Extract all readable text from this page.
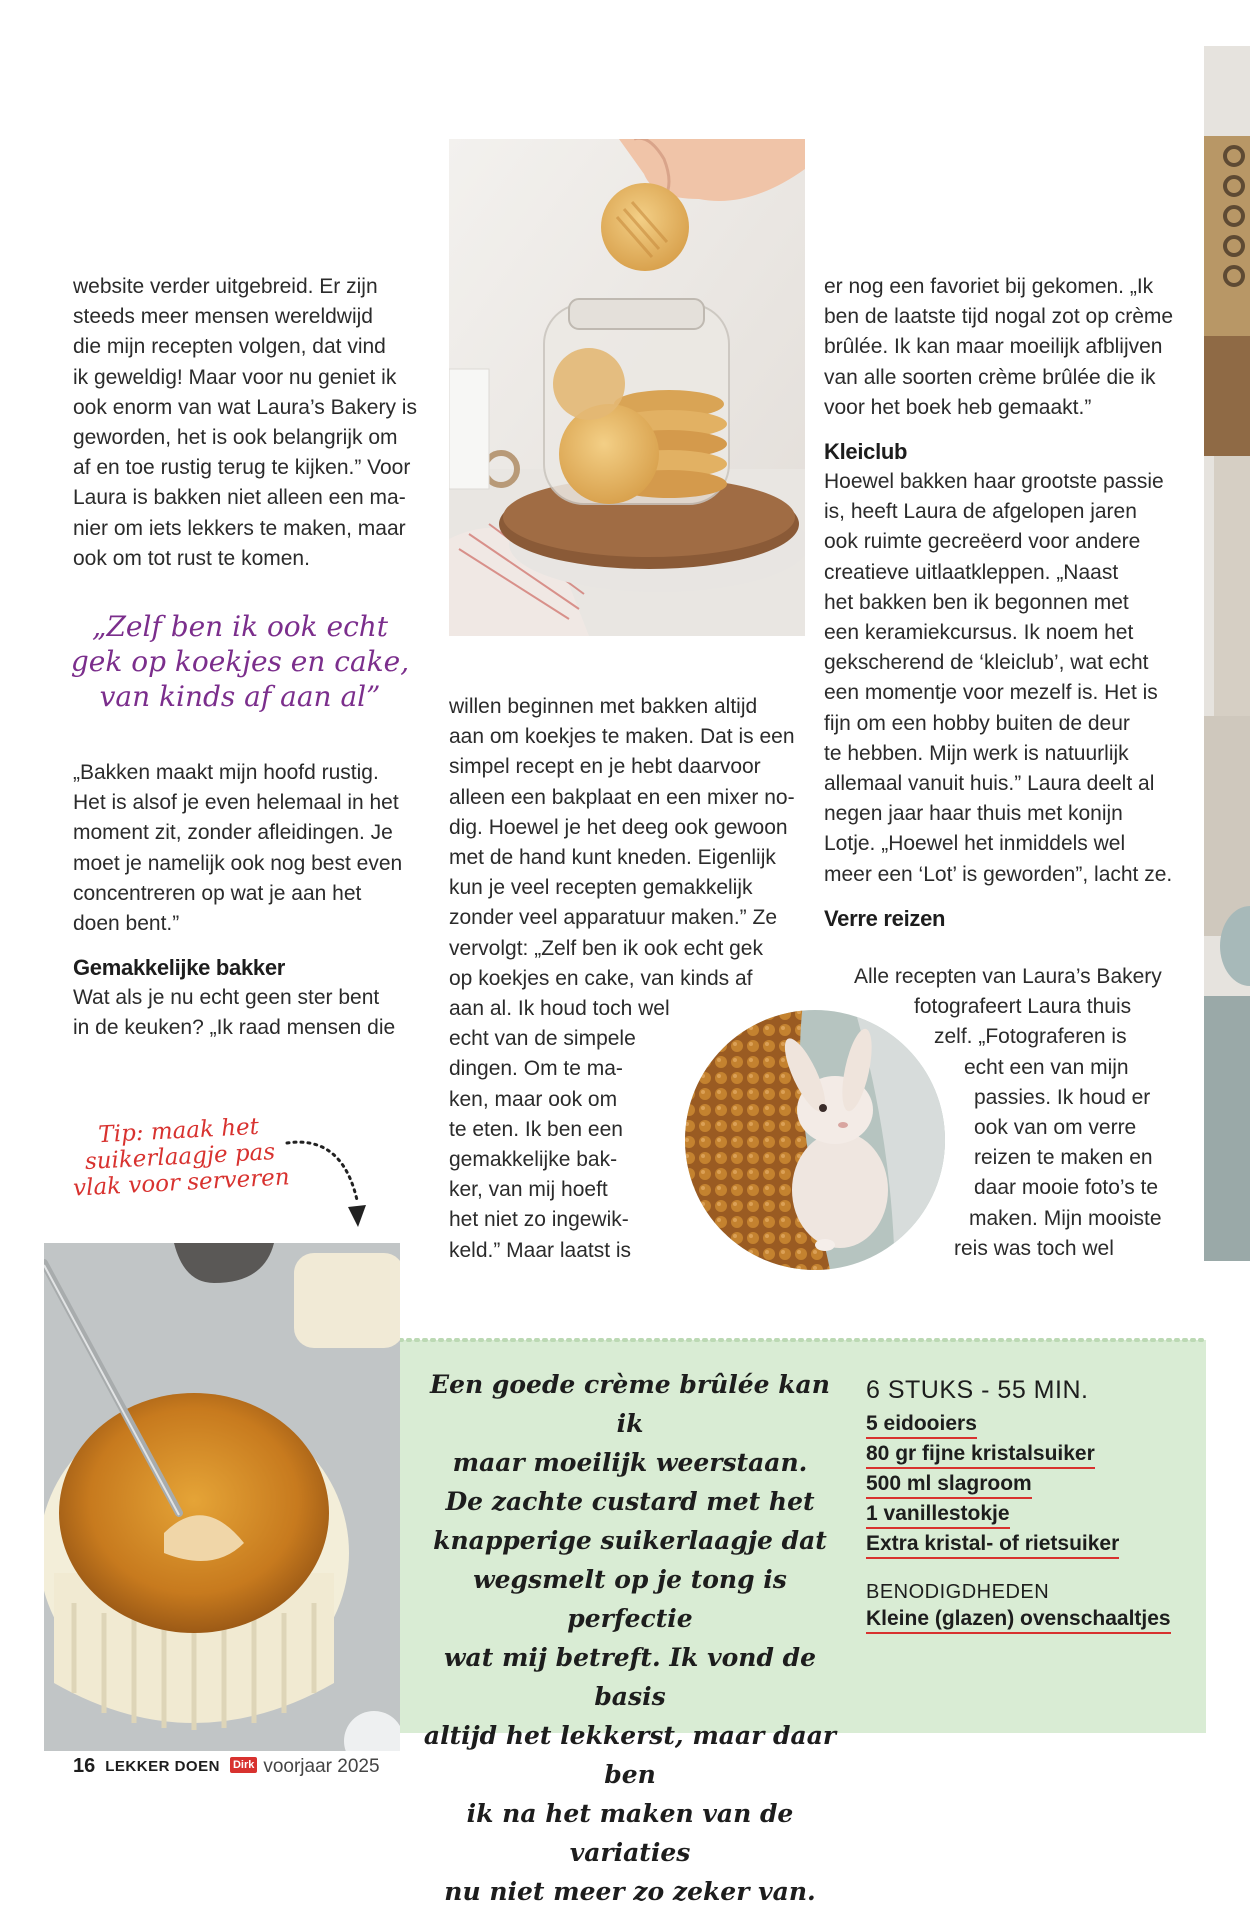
website verder uitgebreid. Er zijn
steeds meer mensen wereldwijd
die mijn recepten volgen, dat vind
ik geweldig! Maar voor nu geniet ik
ook enorm van wat Laura’s Bakery is
geworden, het is ook belangrijk om
af en toe rustig terug te kijken.” Voor
Laura is bakken niet alleen een ma-
nier om iets lekkers te maken, maar
ook om tot rust te komen.

„Zelf ben ik ook echt
gek op koekjes en cake,
van kinds af aan al”

„Bakken maakt mijn hoofd rustig.
Het is alsof je even helemaal in het
moment zit, zonder afleidingen. Je
moet je namelijk ook nog best even
concentreren op wat je aan het
doen bent.”

Gemakkelijke bakker

Wat als je nu echt geen ster bent
in de keuken? „Ik raad mensen die

Tip: maak het
suikerlaagje pas
vlak voor serveren

willen beginnen met bakken altijd
aan om koekjes te maken. Dat is een
simpel recept en je hebt daarvoor
alleen een bakplaat en een mixer no-
dig. Hoewel je het deeg ook gewoon
met de hand kunt kneden. Eigenlijk
kun je veel recepten gemakkelijk
zonder veel apparatuur maken.” Ze
vervolgt: „Zelf ben ik ook echt gek
op koekjes en cake, van kinds af
aan al. Ik houd toch wel
echt van de simpele
dingen. Om te ma-
ken, maar ook om
te eten. Ik ben een
gemakkelijke bak-
ker, van mij hoeft
het niet zo ingewik-
keld.” Maar laatst is

er nog een favoriet bij gekomen. „Ik
ben de laatste tijd nogal zot op crème
brûlée. Ik kan maar moeilijk afblijven
van alle soorten crème brûlée die ik
voor het boek heb gemaakt.”

Kleiclub

Hoewel bakken haar grootste passie
is, heeft Laura de afgelopen jaren
ook ruimte gecreëerd voor andere
creatieve uitlaatkleppen. „Naast
het bakken ben ik begonnen met
een keramiekcursus. Ik noem het
gekscherend de ‘kleiclub’, wat echt
een momentje voor mezelf is. Het is
fijn om een hobby buiten de deur
te hebben. Mijn werk is natuurlijk
allemaal vanuit huis.” Laura deelt al
negen jaar haar thuis met konijn
Lotje. „Hoewel het inmiddels wel
meer een ‘Lot’ is geworden”, lacht ze.

Verre reizen

Alle recepten van Laura’s Bakery
fotografeert Laura thuis
zelf. „Fotograferen is
echt een van mijn
passies. Ik houd er
ook van om verre
reizen te maken en
daar mooie foto’s te
maken. Mijn mooiste
reis was toch wel

Een goede crème brûlée kan ik
maar moeilijk weerstaan.
De zachte custard met het
knapperige suikerlaagje dat
wegsmelt op je tong is perfectie
wat mij betreft. Ik vond de basis
altijd het lekkerst, maar daar ben
ik na het maken van de variaties
nu niet meer zo zeker van.
6 STUKS - 55 MIN.
5 eidooiers
80 gr fijne kristalsuiker
500 ml slagroom
1 vanillestokje
Extra kristal- of rietsuiker
BENODIGDHEDEN
Kleine (glazen) ovenschaaltjes
16 LEKKER DOEN Dirk voorjaar 2025
